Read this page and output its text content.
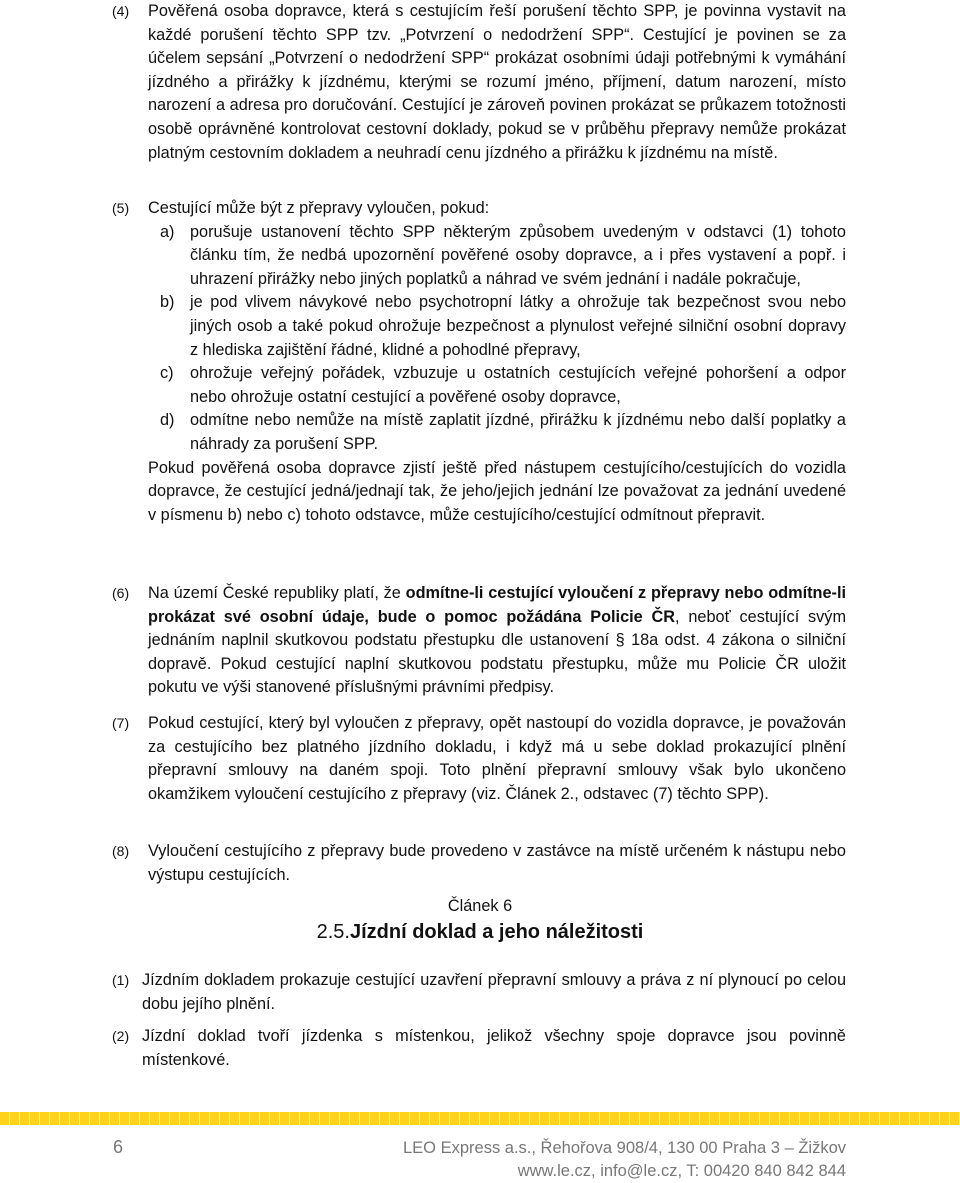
(4) Pověřená osoba dopravce, která s cestujícím řeší porušení těchto SPP, je povinna vystavit na každé porušení těchto SPP tzv. „Potvrzení o nedodržení SPP“. Cestující je povinen se za účelem sepsání „Potvrzení o nedodržení SPP“ prokázat osobními údaji potřebnými k vymáhání jízdného a přirážky k jízdnému, kterými se rozumí jméno, příjmení, datum narození, místo narození a adresa pro doručování. Cestující je zároveň povinen prokázat se průkazem totožnosti osobě oprávněné kontrolovat cestovní doklady, pokud se v průběhu přepravy nemůže prokázat platným cestovním dokladem a neuhradí cenu jízdného a přirážku k jízdnému na místě.
(5) Cestující může být z přepravy vyloučen, pokud:
a) porušuje ustanovení těchto SPP některým způsobem uvedeným v odstavci (1) tohoto článku tím, že nedbá upozornění pověřené osoby dopravce, a i přes vystavení a popř. i uhrazení přirážky nebo jiných poplatků a náhrad ve svém jednání i nadále pokračuje,
b) je pod vlivem návykové nebo psychotropní látky a ohrožuje tak bezpečnost svou nebo jiných osob a také pokud ohrožuje bezpečnost a plynulost veřejné silniční osobní dopravy z hlediska zajištění řádné, klidné a pohodlné přepravy,
c) ohrožuje veřejný pořádek, vzbuzuje u ostatních cestujících veřejné pohoršení a odpor nebo ohrožuje ostatní cestující a pověřené osoby dopravce,
d) odmítne nebo nemůže na místě zaplatit jízdné, přirážku k jízdnému nebo další poplatky a náhrady za porušení SPP.
Pokud pověřená osoba dopravce zjistí ještě před nástupem cestujícího/cestujících do vozidla dopravce, že cestující jedná/jednají tak, že jeho/jejich jednání lze považovat za jednání uvedené v písmenu b) nebo c) tohoto odstavce, může cestujícího/cestující odmítnout přepravit.
(6) Na území České republiky platí, že odmítne-li cestující vyloučení z přepravy nebo odmítne-li prokázat své osobní údaje, bude o pomoc požádána Policie ČR, neboť cestující svým jednáním naplnil skutkovou podstatu přestupku dle ustanovení § 18a odst. 4 zákona o silniční dopravě. Pokud cestující naplní skutkovou podstatu přestupku, může mu Policie ČR uložit pokutu ve výši stanovené příslušnými právními předpisy.
(7) Pokud cestující, který byl vyloučen z přepravy, opět nastoupí do vozidla dopravce, je považován za cestujícího bez platného jízdního dokladu, i když má u sebe doklad prokazující plnění přepravní smlouvy na daném spoji. Toto plnění přepravní smlouvy však bylo ukončeno okamžikem vyloučení cestujícího z přepravy (viz. Článek 2., odstavec (7) těchto SPP).
(8) Vyloučení cestujícího z přepravy bude provedeno v zastávce na místě určeném k nástupu nebo výstupu cestujících.
Článek 6
2.5.Jízdní doklad a jeho náležitosti
(1) Jízdním dokladem prokazuje cestující uzavření přepravní smlouvy a práva z ní plynoucí po celou dobu jejího plnění.
(2) Jízdní doklad tvoří jízdenka s místenkou, jelikož všechny spoje dopravce jsou povinně místenkové.
6	LEO Express a.s., Řehořova 908/4, 130 00 Praha 3 – Žižkov
www.le.cz, info@le.cz, T: 00420 840 842 844
